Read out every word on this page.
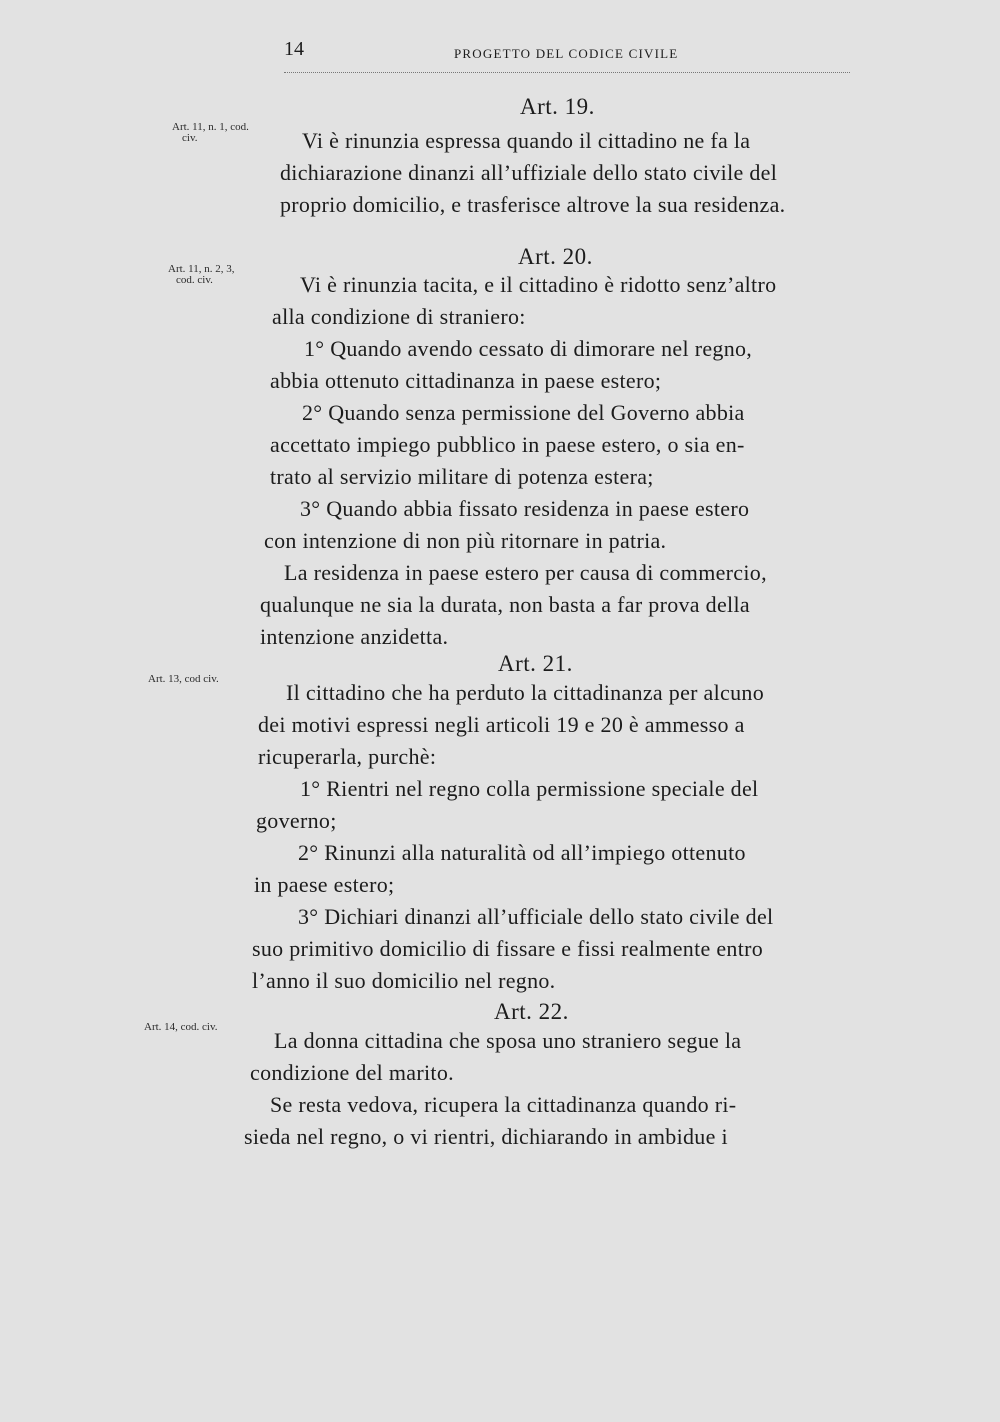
14	PROGETTO DEL CODICE CIVILE
Art. 19.
Art. 11, n. 1, cod.
civ.	Vi è rinunzia espressa quando il cittadino ne fa la
dichiarazione dinanzi all’uffiziale dello stato civile del
proprio domicilio, e trasferisce altrove la sua residenza.
Art. 20.
Art. 11, n. 2, 3,
cod. civ.	Vi è rinunzia tacita, e il cittadino è ridotto senz’altro
alla condizione di straniero:
1° Quando avendo cessato di dimorare nel regno,
abbia ottenuto cittadinanza in paese estero;
2° Quando senza permissione del Governo abbia
accettato impiego pubblico in paese estero, o sia en-
trato al servizio militare di potenza estera;
3° Quando abbia fissato residenza in paese estero
con intenzione di non più ritornare in patria.
La residenza in paese estero per causa di commercio,
qualunque ne sia la durata, non basta a far prova della
intenzione anzidetta.
Art. 21.
Art. 13, cod civ.
Il cittadino che ha perduto la cittadinanza per alcuno
dei motivi espressi negli articoli 19 e 20 è ammesso a
ricuperarla, purchè:
1° Rientri nel regno colla permissione speciale del
governo;
2° Rinunzi alla naturalità od all’impiego ottenuto
in paese estero;
3° Dichiari dinanzi all’ufficiale dello stato civile del
suo primitivo domicilio di fissare e fissi realmente entro
l’anno il suo domicilio nel regno.
Art. 22.
Art. 14, cod. civ.
La donna cittadina che sposa uno straniero segue la
condizione del marito.
Se resta vedova, ricupera la cittadinanza quando ri-
sieda nel regno, o vi rientri, dichiarando in ambidue i
